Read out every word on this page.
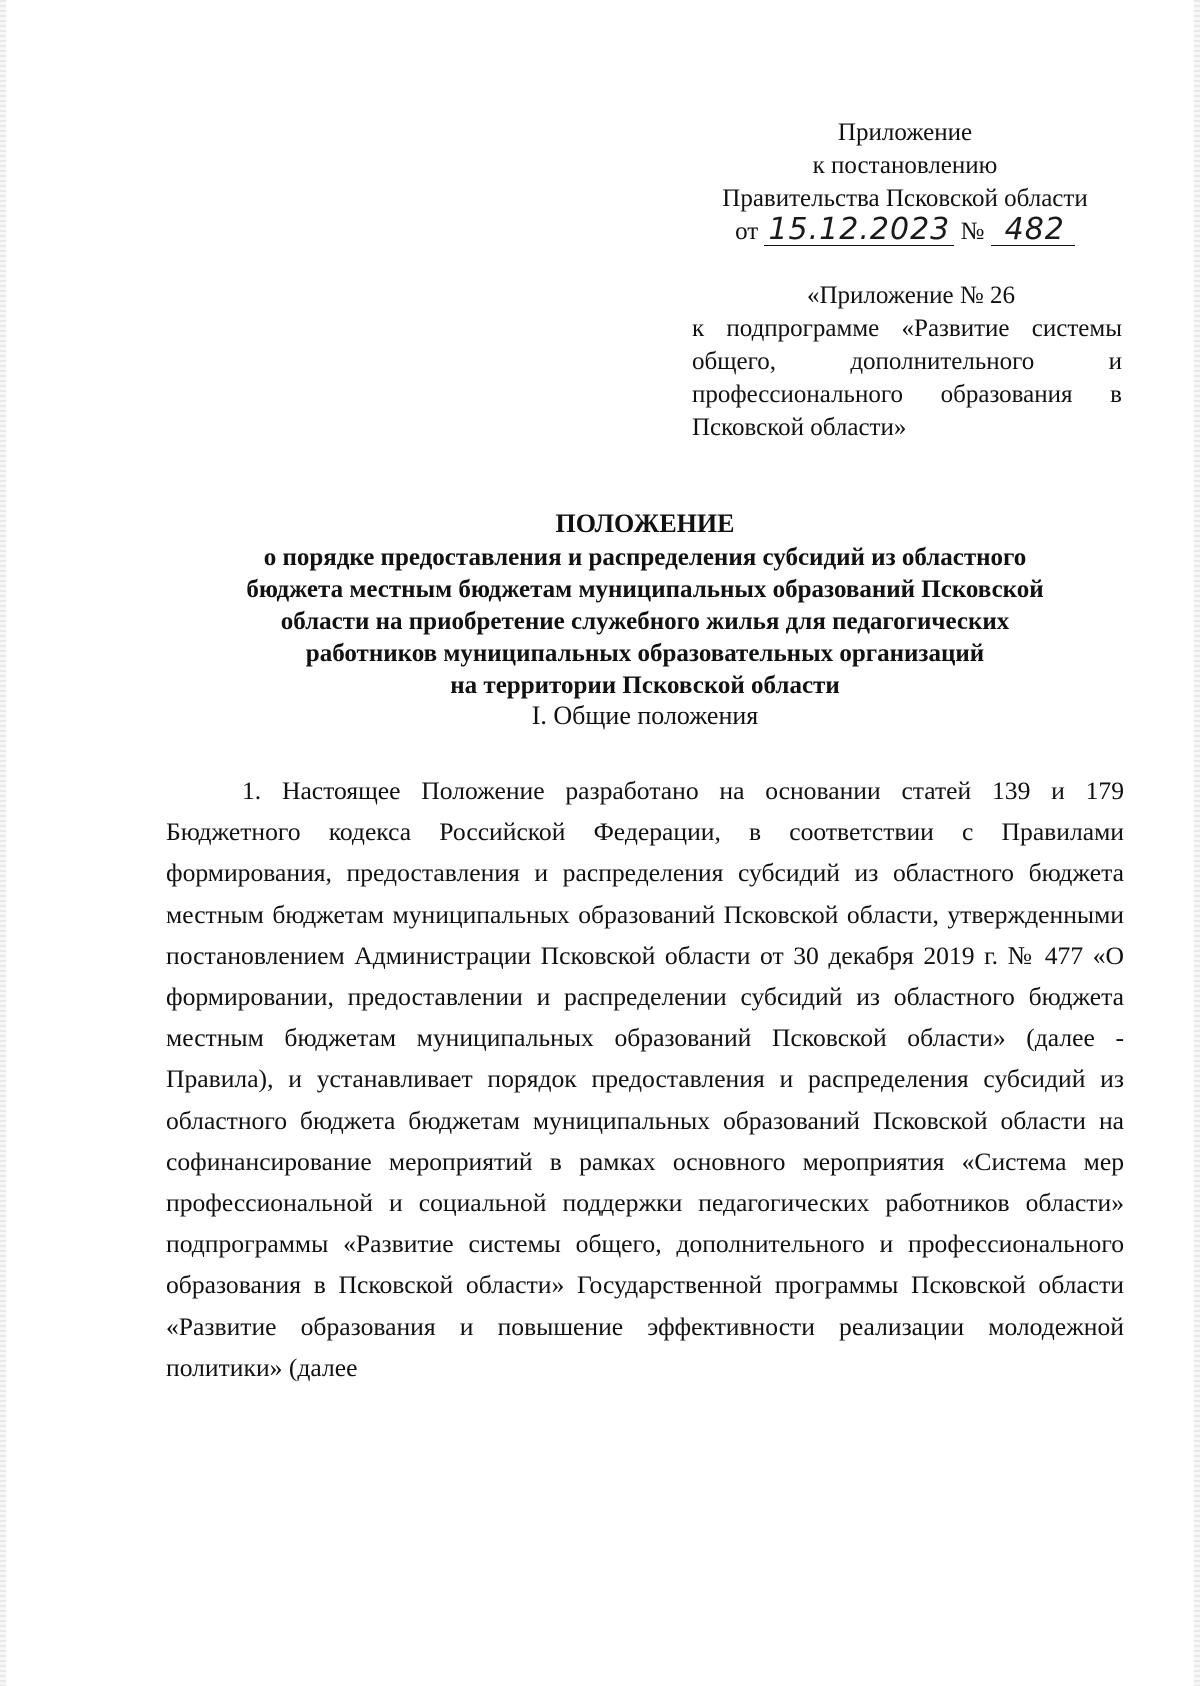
Приложение
к постановлению
Правительства Псковской области
от 15.12.2023 № 482
«Приложение № 26
к подпрограмме «Развитие системы общего, дополнительного и профессионального образования в Псковской области»
ПОЛОЖЕНИЕ
о порядке предоставления и распределения субсидий из областного
бюджета местным бюджетам муниципальных образований Псковской
области на приобретение служебного жилья для педагогических
работников муниципальных образовательных организаций
на территории Псковской области
I. Общие положения

1. Настоящее Положение разработано на основании статей 139 и 179 Бюджетного кодекса Российской Федерации, в соответствии с Правилами формирования, предоставления и распределения субсидий из областного бюджета местным бюджетам муниципальных образований Псковской области, утвержденными постановлением Администрации Псковской области от 30 декабря 2019 г. № 477 «О формировании, предоставлении и распределении субсидий из областного бюджета местным бюджетам муниципальных образований Псковской области» (далее - Правила), и устанавливает порядок предоставления и распределения субсидий из областного бюджета бюджетам муниципальных образований Псковской области на софинансирование мероприятий в рамках основного мероприятия «Система мер профессиональной и социальной поддержки педагогических работников области» подпрограммы «Развитие системы общего, дополнительного и профессионального образования в Псковской области» Государственной программы Псковской области «Развитие образования и повышение эффективности реализации молодежной политики» (далее
